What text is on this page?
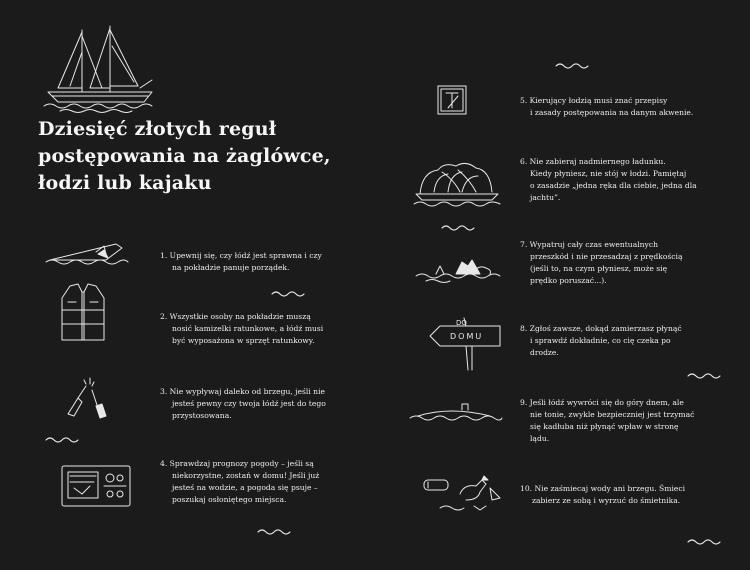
Dziesięć złotych reguł
postępowania na żaglówce,
łodzi lub kajaku

1. Upewnij się, czy łódź jest sprawna i czy

na pokładzie panuje porządek.

2. Wszystkie osoby na pokładzie muszą

nosić kamizelki ratunkowe, a łódź musi

być wyposażona w sprzęt ratunkowy.

3. Nie wypływaj daleko od brzegu, jeśli nie

jesteś pewny czy twoja łódź jest do tego

przystosowana.

4. Sprawdzaj prognozy pogody – jeśli są

niekorzystne, zostań w domu! Jeśli już

jesteś na wodzie, a pogoda się psuje –

poszukaj osłoniętego miejsca.

5. Kierujący łodzią musi znać przepisy

i zasady postępowania na danym akwenie.

6. Nie zabieraj nadmiernego ładunku.

Kiedy płyniesz, nie stój w łodzi. Pamiętaj

o zasadzie „jedna ręka dla ciebie, jedna dla

jachtu”.

7. Wypatruj cały czas ewentualnych

przeszkód i nie przesadzaj z prędkością

(jeśli to, na czym płyniesz, może się

prędko poruszać...).

DO
DOMU

8. Zgłoś zawsze, dokąd zamierzasz płynąć

i sprawdź dokładnie, co cię czeka po

drodze.

9. Jeśli łódź wywróci się do góry dnem, ale

nie tonie, zwykle bezpieczniej jest trzymać

się kadłuba niż płynąć wpław w stronę

lądu.

10. Nie zaśmiecaj wody ani brzegu. Śmieci

zabierz ze sobą i wyrzuć do śmietnika.
